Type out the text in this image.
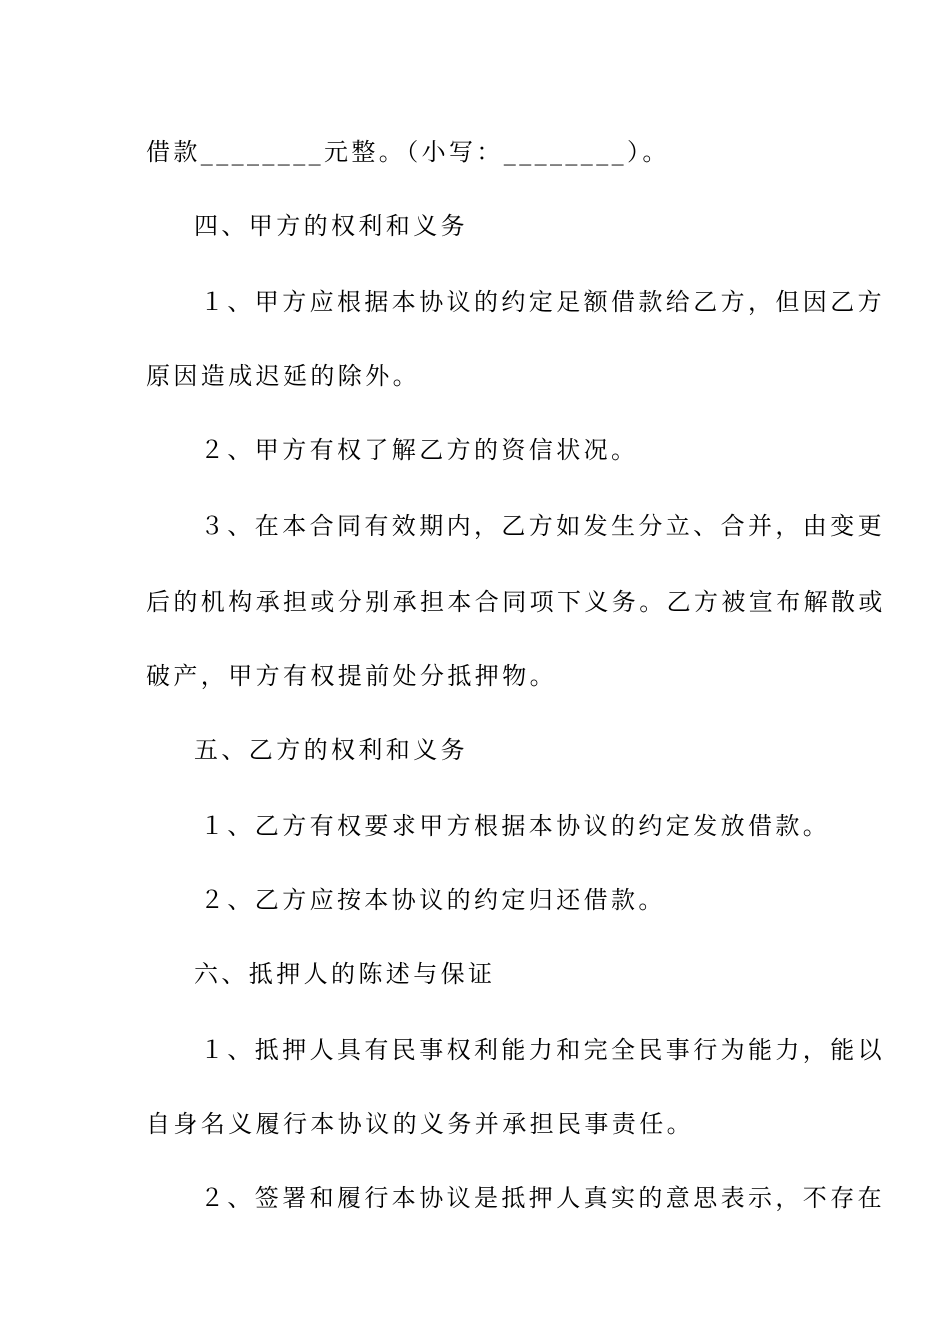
借款________元整。（小写：________）。
四、甲方的权利和义务
１、甲方应根据本协议的约定足额借款给乙方，但因乙方
原因造成迟延的除外。
２、甲方有权了解乙方的资信状况。
３、在本合同有效期内，乙方如发生分立、合并，由变更
后的机构承担或分别承担本合同项下义务。乙方被宣布解散或
破产，甲方有权提前处分抵押物。
五、乙方的权利和义务
１、乙方有权要求甲方根据本协议的约定发放借款。
２、乙方应按本协议的约定归还借款。
六、抵押人的陈述与保证
１、抵押人具有民事权利能力和完全民事行为能力，能以
自身名义履行本协议的义务并承担民事责任。
２、签署和履行本协议是抵押人真实的意思表示，不存在
